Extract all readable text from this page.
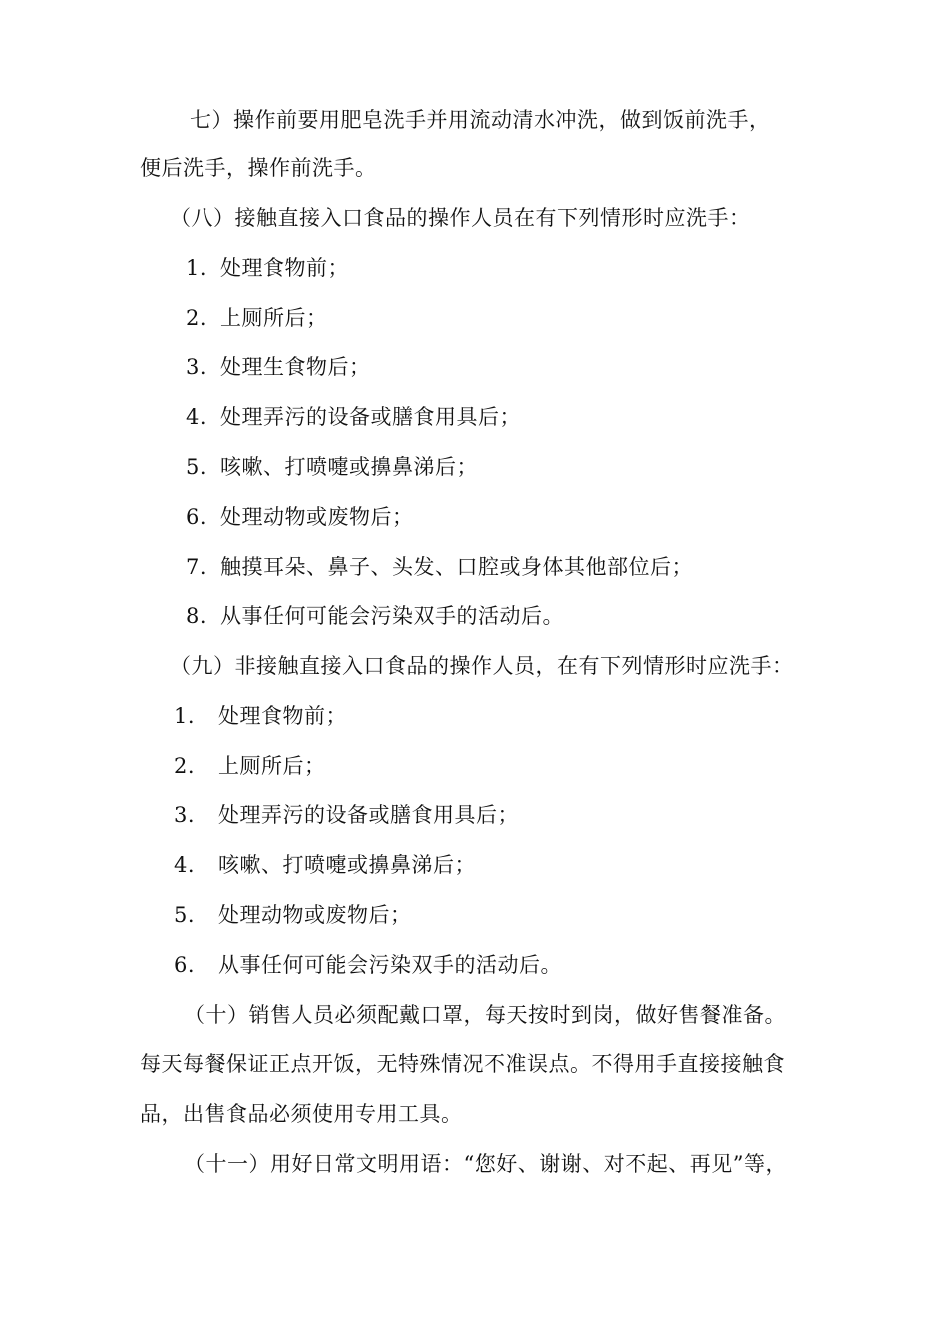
七）操作前要用肥皂洗手并用流动清水冲洗，做到饭前洗手，
便后洗手，操作前洗手。
（八）接触直接入口食品的操作人员在有下列情形时应洗手：
1. 处理食物前；
2. 上厕所后；
3. 处理生食物后；
4. 处理弄污的设备或膳食用具后；
5. 咳嗽、打喷嚏或擤鼻涕后；
6. 处理动物或废物后；
7. 触摸耳朵、鼻子、头发、口腔或身体其他部位后；
8. 从事任何可能会污染双手的活动后。
（九）非接触直接入口食品的操作人员，在有下列情形时应洗手：
1. 处理食物前；
2. 上厕所后；
3. 处理弄污的设备或膳食用具后；
4. 咳嗽、打喷嚏或擤鼻涕后；
5. 处理动物或废物后；
6. 从事任何可能会污染双手的活动后。
（十）销售人员必须配戴口罩，每天按时到岗，做好售餐准备。
每天每餐保证正点开饭，无特殊情况不准误点。不得用手直接接触食
品，出售食品必须使用专用工具。
（十一）用好日常文明用语：“您好、谢谢、对不起、再见”等，
